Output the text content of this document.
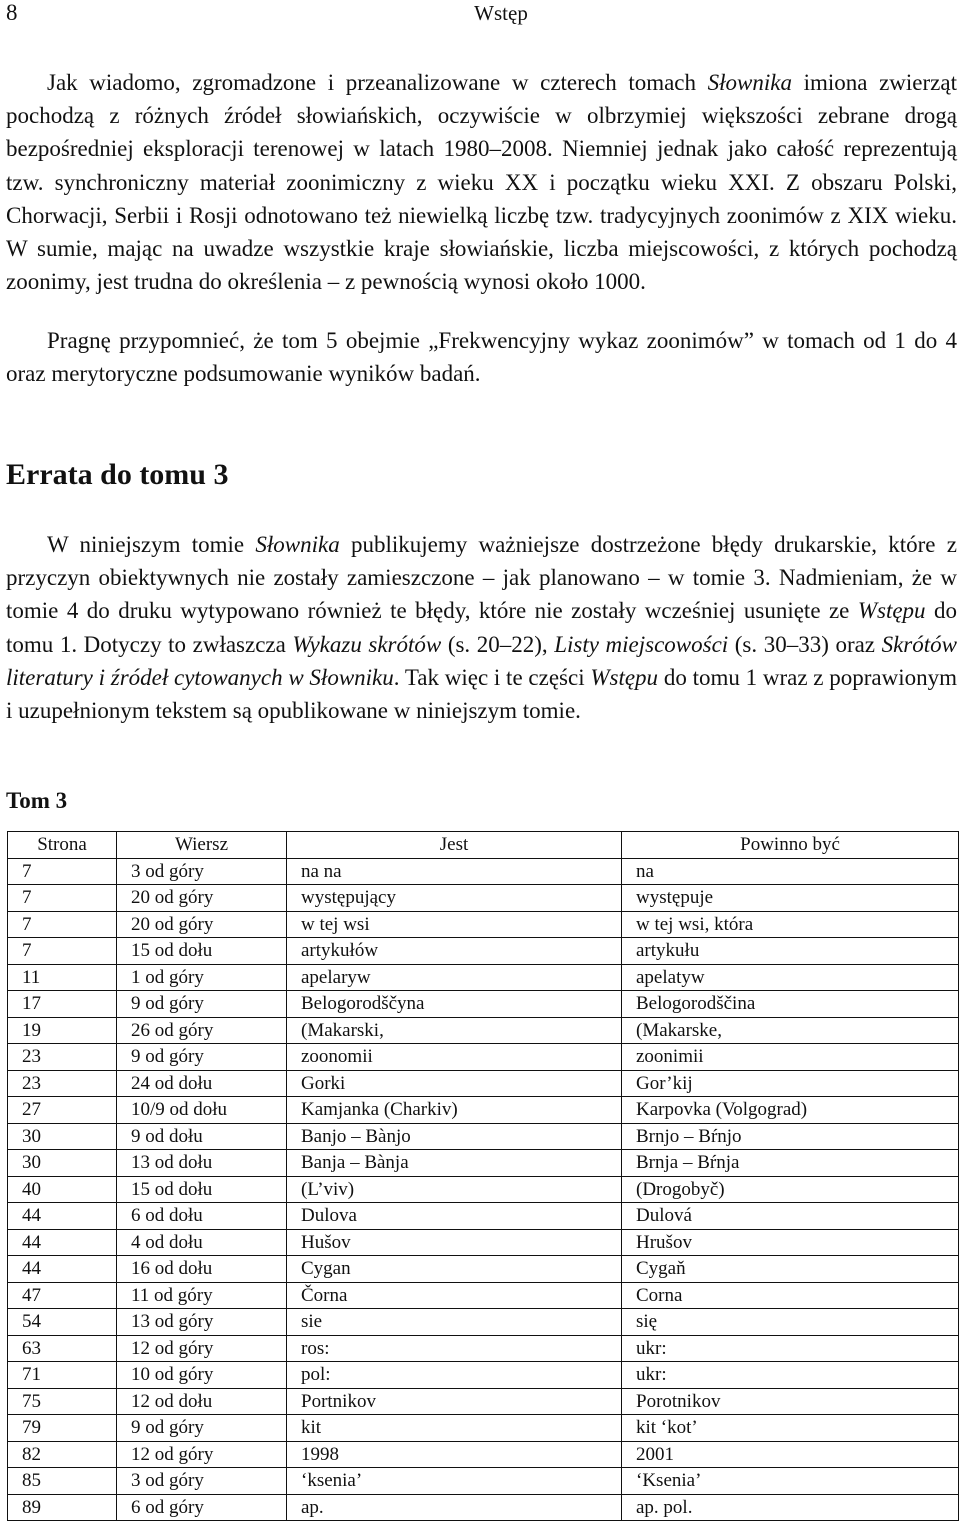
8	Wstęp

Jak wiadomo, zgromadzone i przeanalizowane w czterech tomach Słownika imiona zwierząt pochodzą z różnych źródeł słowiańskich, oczywiście w olbrzymiej większości zebrane drogą bezpośredniej eksploracji terenowej w latach 1980–2008. Niemniej jednak jako całość reprezentują tzw. synchroniczny materiał zoonimiczny z wieku XX i początku wieku XXI. Z obszaru Polski, Chorwacji, Serbii i Rosji odnotowano też niewielką liczbę tzw. tradycyjnych zoonimów z XIX wieku. W sumie, mając na uwadze wszystkie kraje słowiańskie, liczba miejscowości, z których pochodzą zoonimy, jest trudna do określenia – z pewnością wynosi około 1000.

Pragnę przypomnieć, że tom 5 obejmie „Frekwencyjny wykaz zoonimów” w tomach od 1 do 4 oraz merytoryczne podsumowanie wyników badań.

Errata do tomu 3

W niniejszym tomie Słownika publikujemy ważniejsze dostrzeżone błędy drukarskie, które z przyczyn obiektywnych nie zostały zamieszczone – jak planowano – w tomie 3. Nadmieniam, że w tomie 4 do druku wytypowano również te błędy, które nie zostały wcześniej usunięte ze Wstępu do tomu 1. Dotyczy to zwłaszcza Wykazu skrótów (s. 20–22), Listy miejscowości (s. 30–33) oraz Skrótów literatury i źródeł cytowanych w Słowniku. Tak więc i te części Wstępu do tomu 1 wraz z poprawionym i uzupełnionym tekstem są opublikowane w niniejszym tomie.

Tom 3
Strona	Wiersz	Jest	Powinno być
7	3 od góry	na na	na
7	20 od góry	występujący	występuje
7	20 od góry	w tej wsi	w tej wsi, która
7	15 od dołu	artykułów	artykułu
11	1 od góry	apelaryw	apelatyw
17	9 od góry	Belogorodščyna	Belogorodščina
19	26 od góry	(Makarski,	(Makarske,
23	9 od góry	zoonomii	zoonimii
23	24 od dołu	Gorki	Gor’kij
27	10/9 od dołu	Kamjanka (Charkiv)	Karpovka (Volgograd)
30	9 od dołu	Banjo – Bànjo	Brnjo – Bŕnjo
30	13 od dołu	Banja – Bànja	Brnja – Bŕnja
40	15 od dołu	(L’viv)	(Drogobyč)
44	6 od dołu	Dulova	Dulová
44	4 od dołu	Hušov	Hrušov
44	16 od dołu	Cygan	Cygaň
47	11 od góry	Čorna	Corna
54	13 od góry	sie	się
63	12 od góry	ros:	ukr:
71	10 od góry	pol:	ukr:
75	12 od dołu	Portnikov	Porotnikov
79	9 od góry	kit	kit ‘kot’
82	12 od góry	1998	2001
85	3 od góry	‘ksenia’	‘Ksenia’
89	6 od góry	ap.	ap. pol.
